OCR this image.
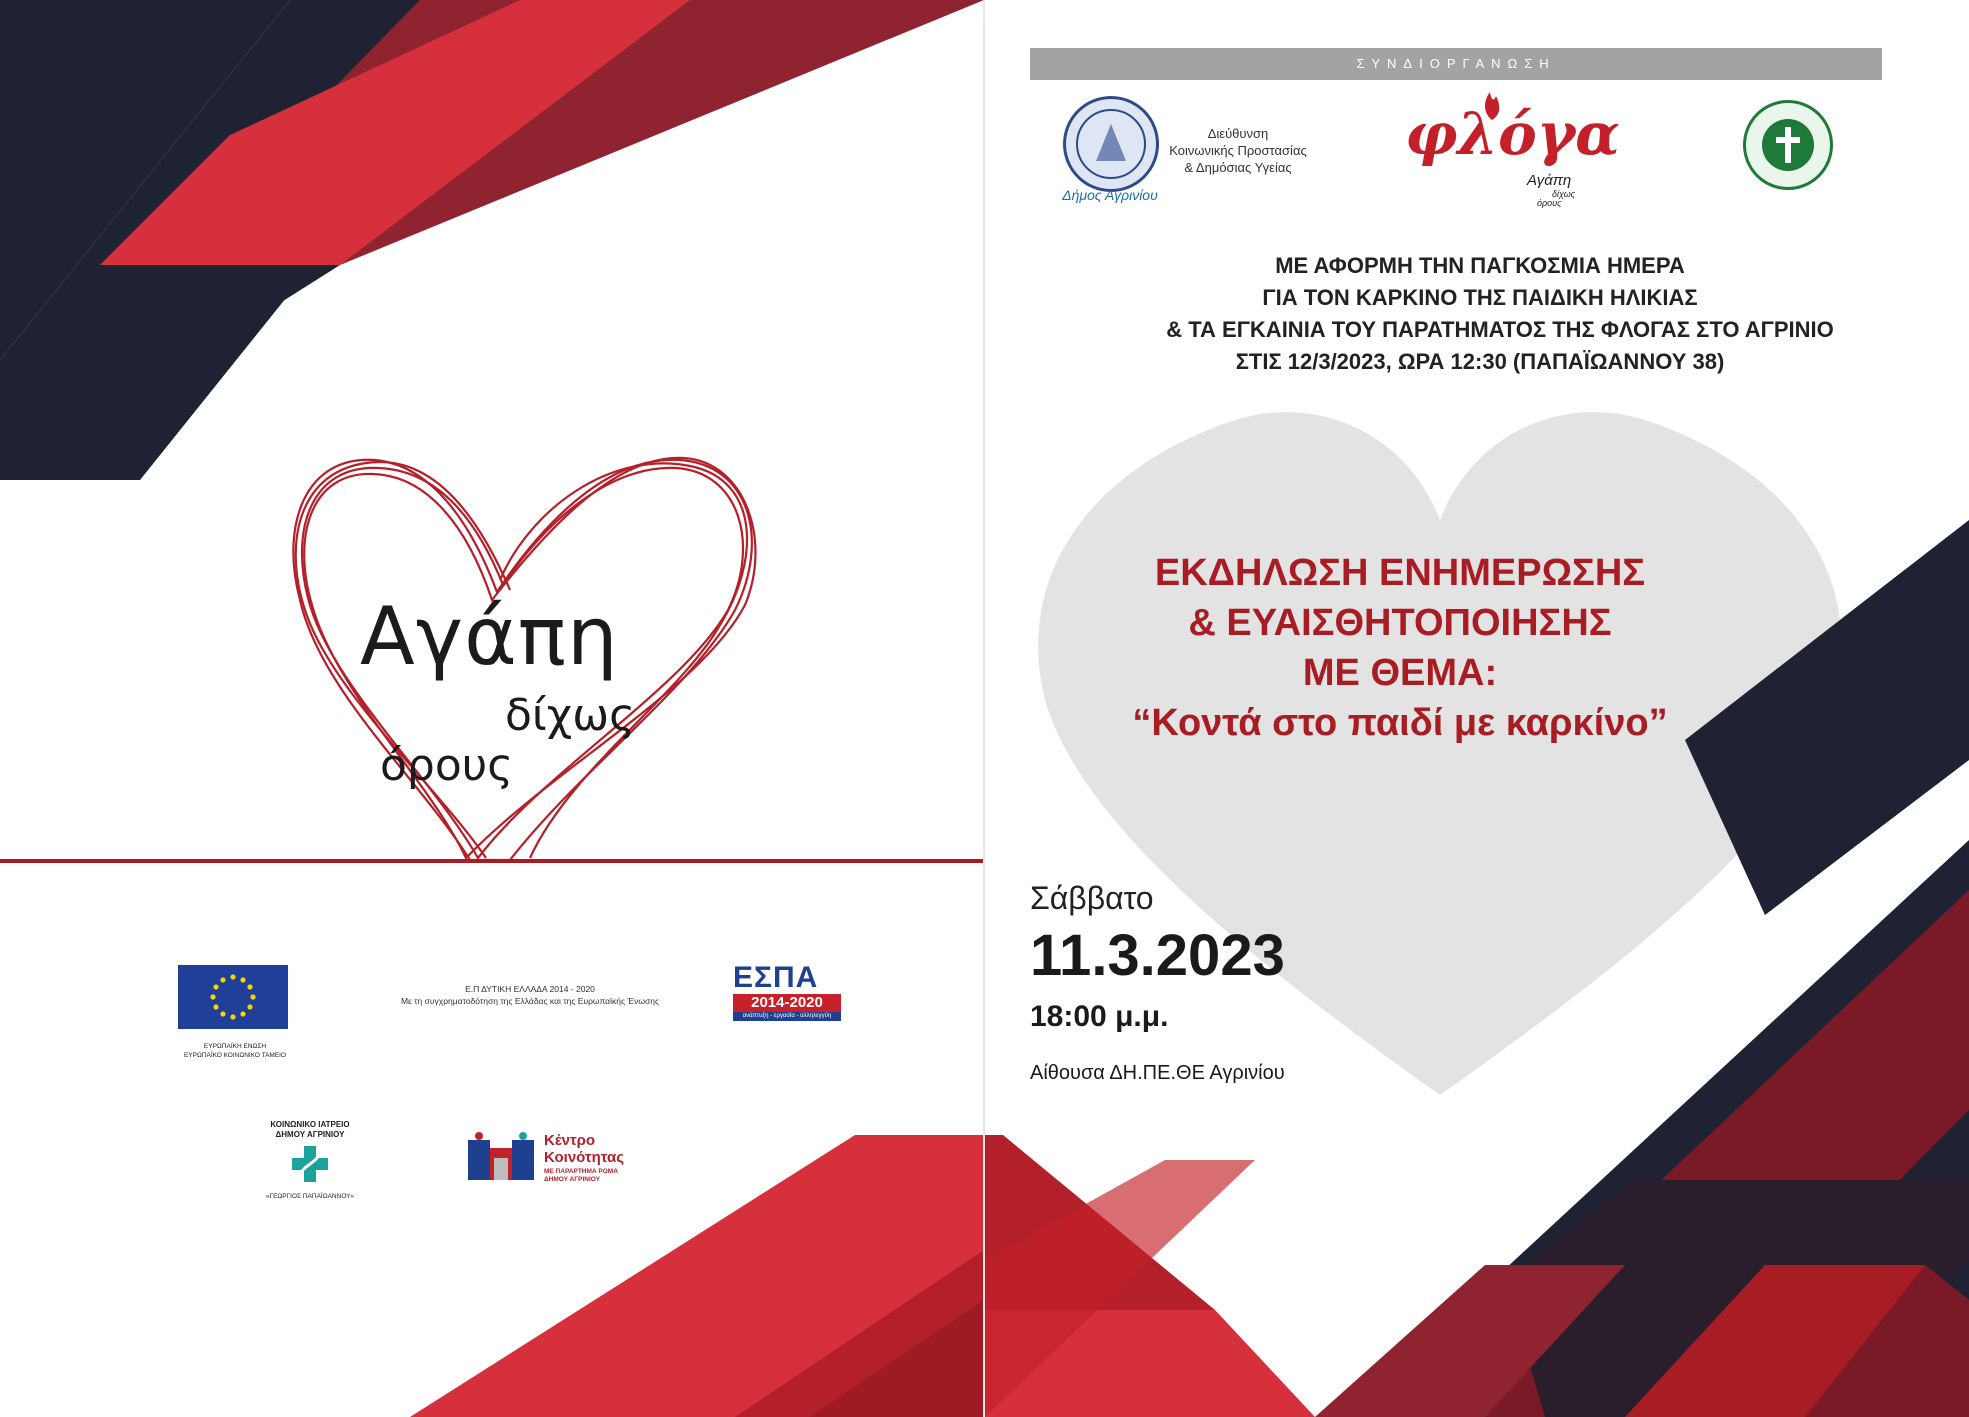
Αγάπη
δίχως
όρους
ΕΥΡΩΠΑΪΚΗ ΕΝΩΣΗ
ΕΥΡΩΠΑΪΚΟ ΚΟΙΝΩΝΙΚΟ ΤΑΜΕΙΟ
Ε.Π ΔΥΤΙΚΗ ΕΛΛΑΔΑ 2014 - 2020
Με τη συγχρηματοδότηση της Ελλάδας και της Ευρωπαϊκής Ένωσης
ΕΣΠΑ
2014-2020
ανάπτυξη - εργασία - αλληλεγγύη
ΚΟΙΝΩΝΙΚΟ ΙΑΤΡΕΙΟ
ΔΗΜΟΥ ΑΓΡΙΝΙΟΥ
«ΓΕΩΡΓΙΟΣ ΠΑΠΑΪΩΑΝΝΟΥ»
Κέντρο
Κοινότητας
ΜΕ ΠΑΡΑΡΤΗΜΑ ΡΟΜΑ
ΔΗΜΟΥ ΑΓΡΙΝΙΟΥ
ΣΥΝΔΙΟΡΓΑΝΩΣΗ
Δήμος Αγρινίου
Διεύθυνση
Κοινωνικής Προστασίας
& Δημόσιας Υγείας	φλόγα
Αγάπη
δίχως
όρους
ΜΕ ΑΦΟΡΜΗ ΤΗΝ ΠΑΓΚΟΣΜΙΑ ΗΜΕΡΑ
ΓΙΑ ΤΟΝ ΚΑΡΚΙΝΟ ΤΗΣ ΠΑΙΔΙΚΗ ΗΛΙΚΙΑΣ
& ΤΑ ΕΓΚΑΙΝΙΑ ΤΟΥ ΠΑΡΑΤΗΜΑΤΟΣ ΤΗΣ ΦΛΟΓΑΣ ΣΤΟ ΑΓΡΙΝΙΟ
ΣΤΙΣ 12/3/2023, ΩΡΑ 12:30 (ΠΑΠΑΪΩΑΝΝΟΥ 38)
ΕΚΔΗΛΩΣΗ ΕΝΗΜΕΡΩΣΗΣ
& ΕΥΑΙΣΘΗΤΟΠΟΙΗΣΗΣ
ΜΕ ΘΕΜΑ:
“Κοντά στο παιδί με καρκίνο”
Σάββατο
11.3.2023
18:00 μ.μ.
Αίθουσα ΔΗ.ΠΕ.ΘΕ Αγρινίου
